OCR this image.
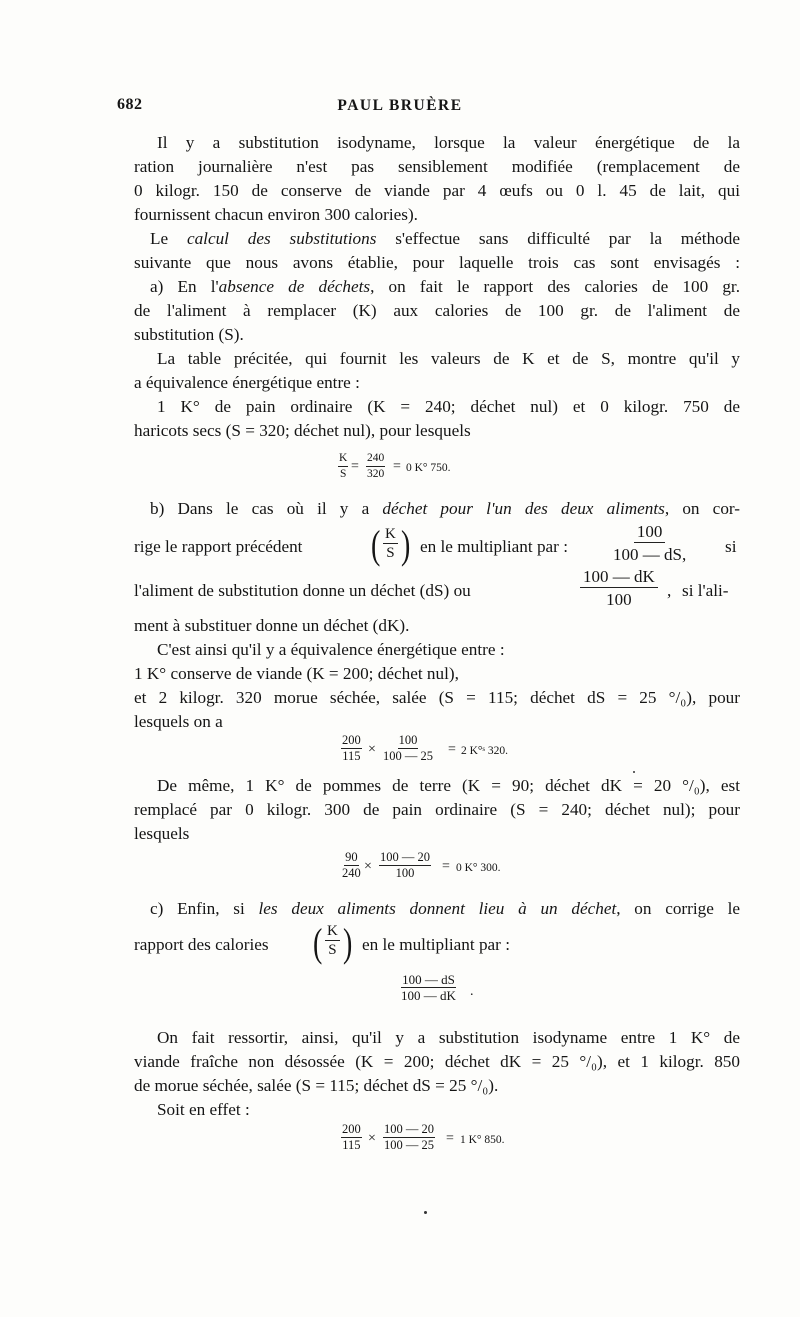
682	PAUL BRUÈRE
Il y a substitution isodyname, lorsque la valeur énergétique de la
ration journalière n'est pas sensiblement modifiée (remplacement de
0 kilogr. 150 de conserve de viande par 4 œufs ou 0 l. 45 de lait, qui
fournissent chacun environ 300 calories).
Le calcul des substitutions s'effectue sans difficulté par la méthode
suivante que nous avons établie, pour laquelle trois cas sont envisagés :
a) En l'absence de déchets, on fait le rapport des calories de 100 gr.
de l'aliment à remplacer (K) aux calories de 100 gr. de l'aliment de
substitution (S).
La table précitée, qui fournit les valeurs de K et de S, montre qu'il y
a équivalence énergétique entre :
1 K° de pain ordinaire (K = 240; déchet nul) et 0 kilogr. 750 de
haricots secs (S = 320; déchet nul), pour lesquels
$\frac{K}{S} = \frac{240}{320} = 0$ K° 750.
b) Dans le cas où il y a déchet pour l'un des deux aliments, on cor-
rige le rapport précédent ( $\frac{K}{S}$ ) en le multipliant par :	$\frac{100}{100 — dS,}$ si
l'aliment de substitution donne un déchet (dS) ou	$\frac{100 — dK}{100}$ , si l'ali-
ment à substituer donne un déchet (dK).
C'est ainsi qu'il y a équivalence énergétique entre :
1 K° conserve de viande (K = 200; déchet nul),
et 2 kilogr. 320 morue séchée, salée (S = 115; déchet dS = 25 °/₀), pour
lesquels on a
$\frac{200}{115} \times \frac{100}{100 — 25} = 2$ K°ˢ 320.
De même, 1 K° de pommes de terre (K = 90; déchet dK = 20 °/₀), est
remplacé par 0 kilogr. 300 de pain ordinaire (S = 240; déchet nul); pour
lesquels
$\frac{90}{240} \times \frac{100 — 20}{100} = 0$ K° 300.
c) Enfin, si les deux aliments donnent lieu à un déchet, on corrige le
rapport des calories ( $\frac{K}{S}$ ) en le multipliant par :
$\frac{100 — dS}{100 — dK}$ .
On fait ressortir, ainsi, qu'il y a substitution isodyname entre 1 K° de
viande fraîche non désossée (K = 200; déchet dK = 25 °/₀), et 1 kilogr. 850
de morue séchée, salée (S = 115; déchet dS = 25 °/₀).
Soit en effet :
$\frac{200}{115} \times \frac{100 — 20}{100 — 25} = 1$ K° 850.
